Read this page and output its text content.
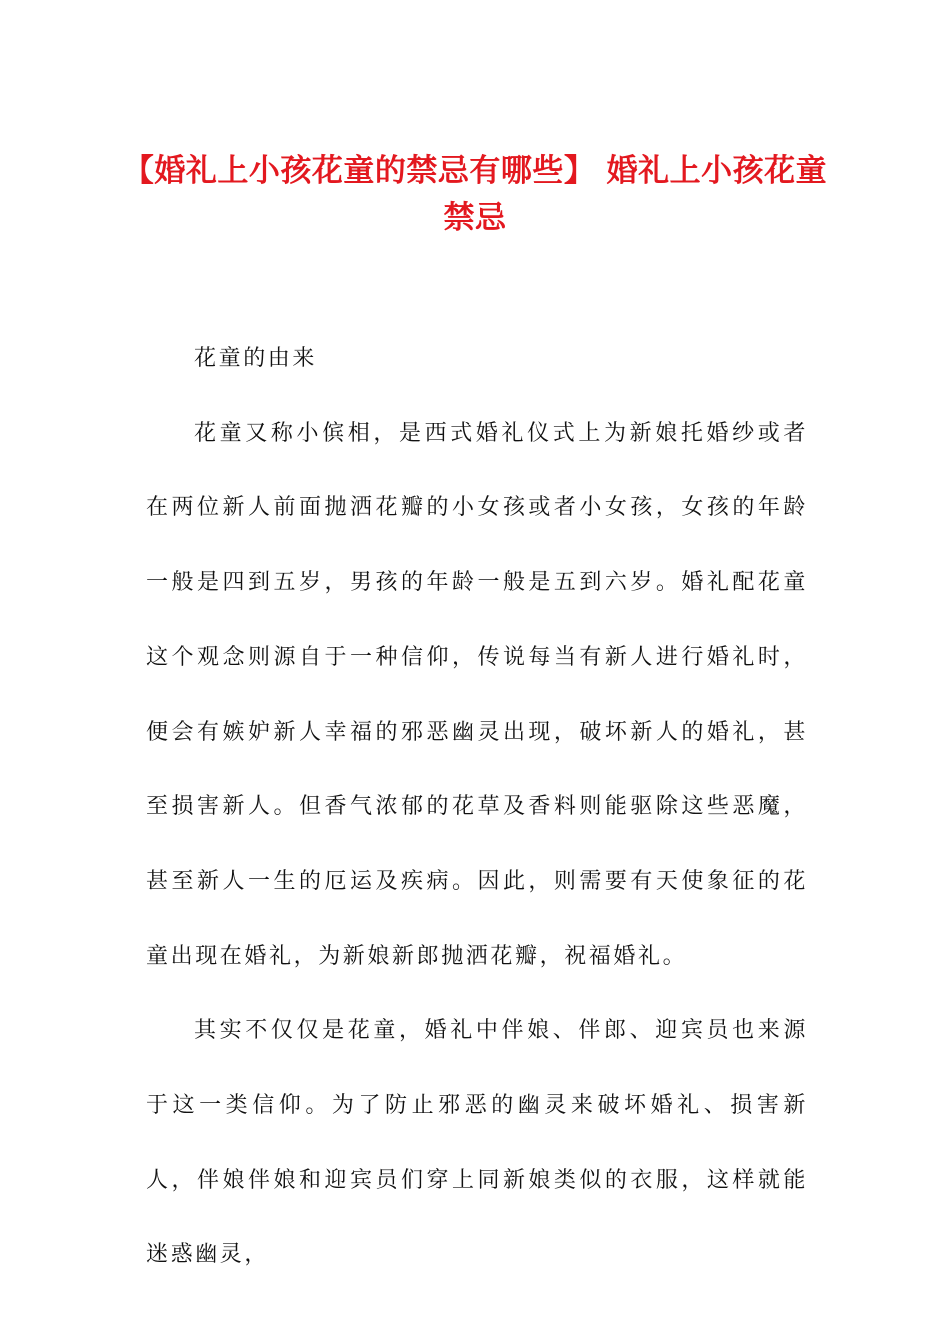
【婚礼上小孩花童的禁忌有哪些】 婚礼上小孩花童禁忌

花童的由来

花童又称小傧相，是西式婚礼仪式上为新娘托婚纱或者在两位新人前面抛洒花瓣的小女孩或者小女孩，女孩的年龄一般是四到五岁，男孩的年龄一般是五到六岁。婚礼配花童这个观念则源自于一种信仰，传说每当有新人进行婚礼时，便会有嫉妒新人幸福的邪恶幽灵出现，破坏新人的婚礼，甚至损害新人。但香气浓郁的花草及香料则能驱除这些恶魔，甚至新人一生的厄运及疾病。因此，则需要有天使象征的花童出现在婚礼，为新娘新郎抛洒花瓣，祝福婚礼。

其实不仅仅是花童，婚礼中伴娘、伴郎、迎宾员也来源于这一类信仰。为了防止邪恶的幽灵来破坏婚礼、损害新人，伴娘伴娘和迎宾员们穿上同新娘类似的衣服，这样就能迷惑幽灵，
